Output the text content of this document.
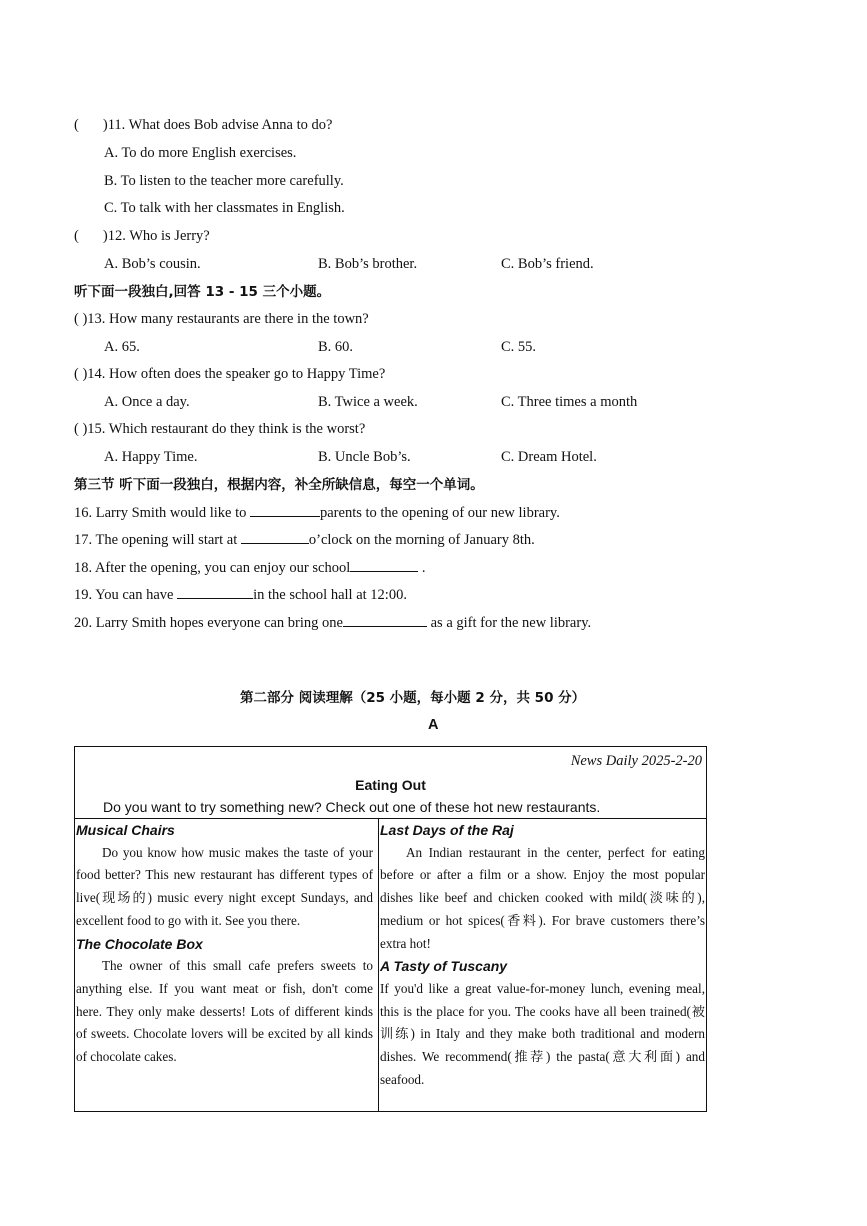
( )11. What does Bob advise Anna to do?
A. To do more English exercises.
B. To listen to the teacher more carefully.
C. To talk with her classmates in English.
( )12. Who is Jerry?
A. Bob’s cousin.	B. Bob’s brother.	C. Bob’s friend.
听下面一段独白,回答 13 - 15 三个小题。
( )13. How many restaurants are there in the town?
A. 65.	B. 60.	C. 55.
( )14. How often does the speaker go to Happy Time?
A. Once a day.	B. Twice a week.	C. Three times a month
( )15. Which restaurant do they think is the worst?
A. Happy Time.	B. Uncle Bob’s.	C. Dream Hotel.
第三节 听下面一段独白，根据内容，补全所缺信息，每空一个单词。
16. Larry Smith would like to	parents to the opening of our new library.
17. The opening will start at	o’clock on the morning of January 8th.
18. After the opening, you can enjoy our school	.
19. You can have	in the school hall at 12:00.
20. Larry Smith hopes everyone can bring one	as a gift for the new library.
第二部分 阅读理解（25 小题，每小题 2 分，共 50 分）
A
News Daily 2025-2-20
Eating Out
Do you want to try something new? Check out one of these hot new restaurants.
Musical Chairs

Do you know how music makes the taste of your food better? This new restaurant has different types of live(现场的) music every night except Sundays, and excellent food to go with it. See you there.

The Chocolate Box

The owner of this small cafe prefers sweets to anything else. If you want meat or fish, don't come here. They only make desserts! Lots of different kinds of sweets. Chocolate lovers will be excited by all kinds of chocolate cakes.

Last Days of the Raj

An Indian restaurant in the center, perfect for eating before or after a film or a show. Enjoy the most popular dishes like beef and chicken cooked with mild(淡味的), medium or hot spices(香料). For brave customers there’s extra hot!

A Tasty of Tuscany

If you'd like a great value-for-money lunch, evening meal, this is the place for you. The cooks have all been trained(被训练) in Italy and they make both traditional and modern dishes. We recommend(推荐) the pasta(意大利面) and seafood.
